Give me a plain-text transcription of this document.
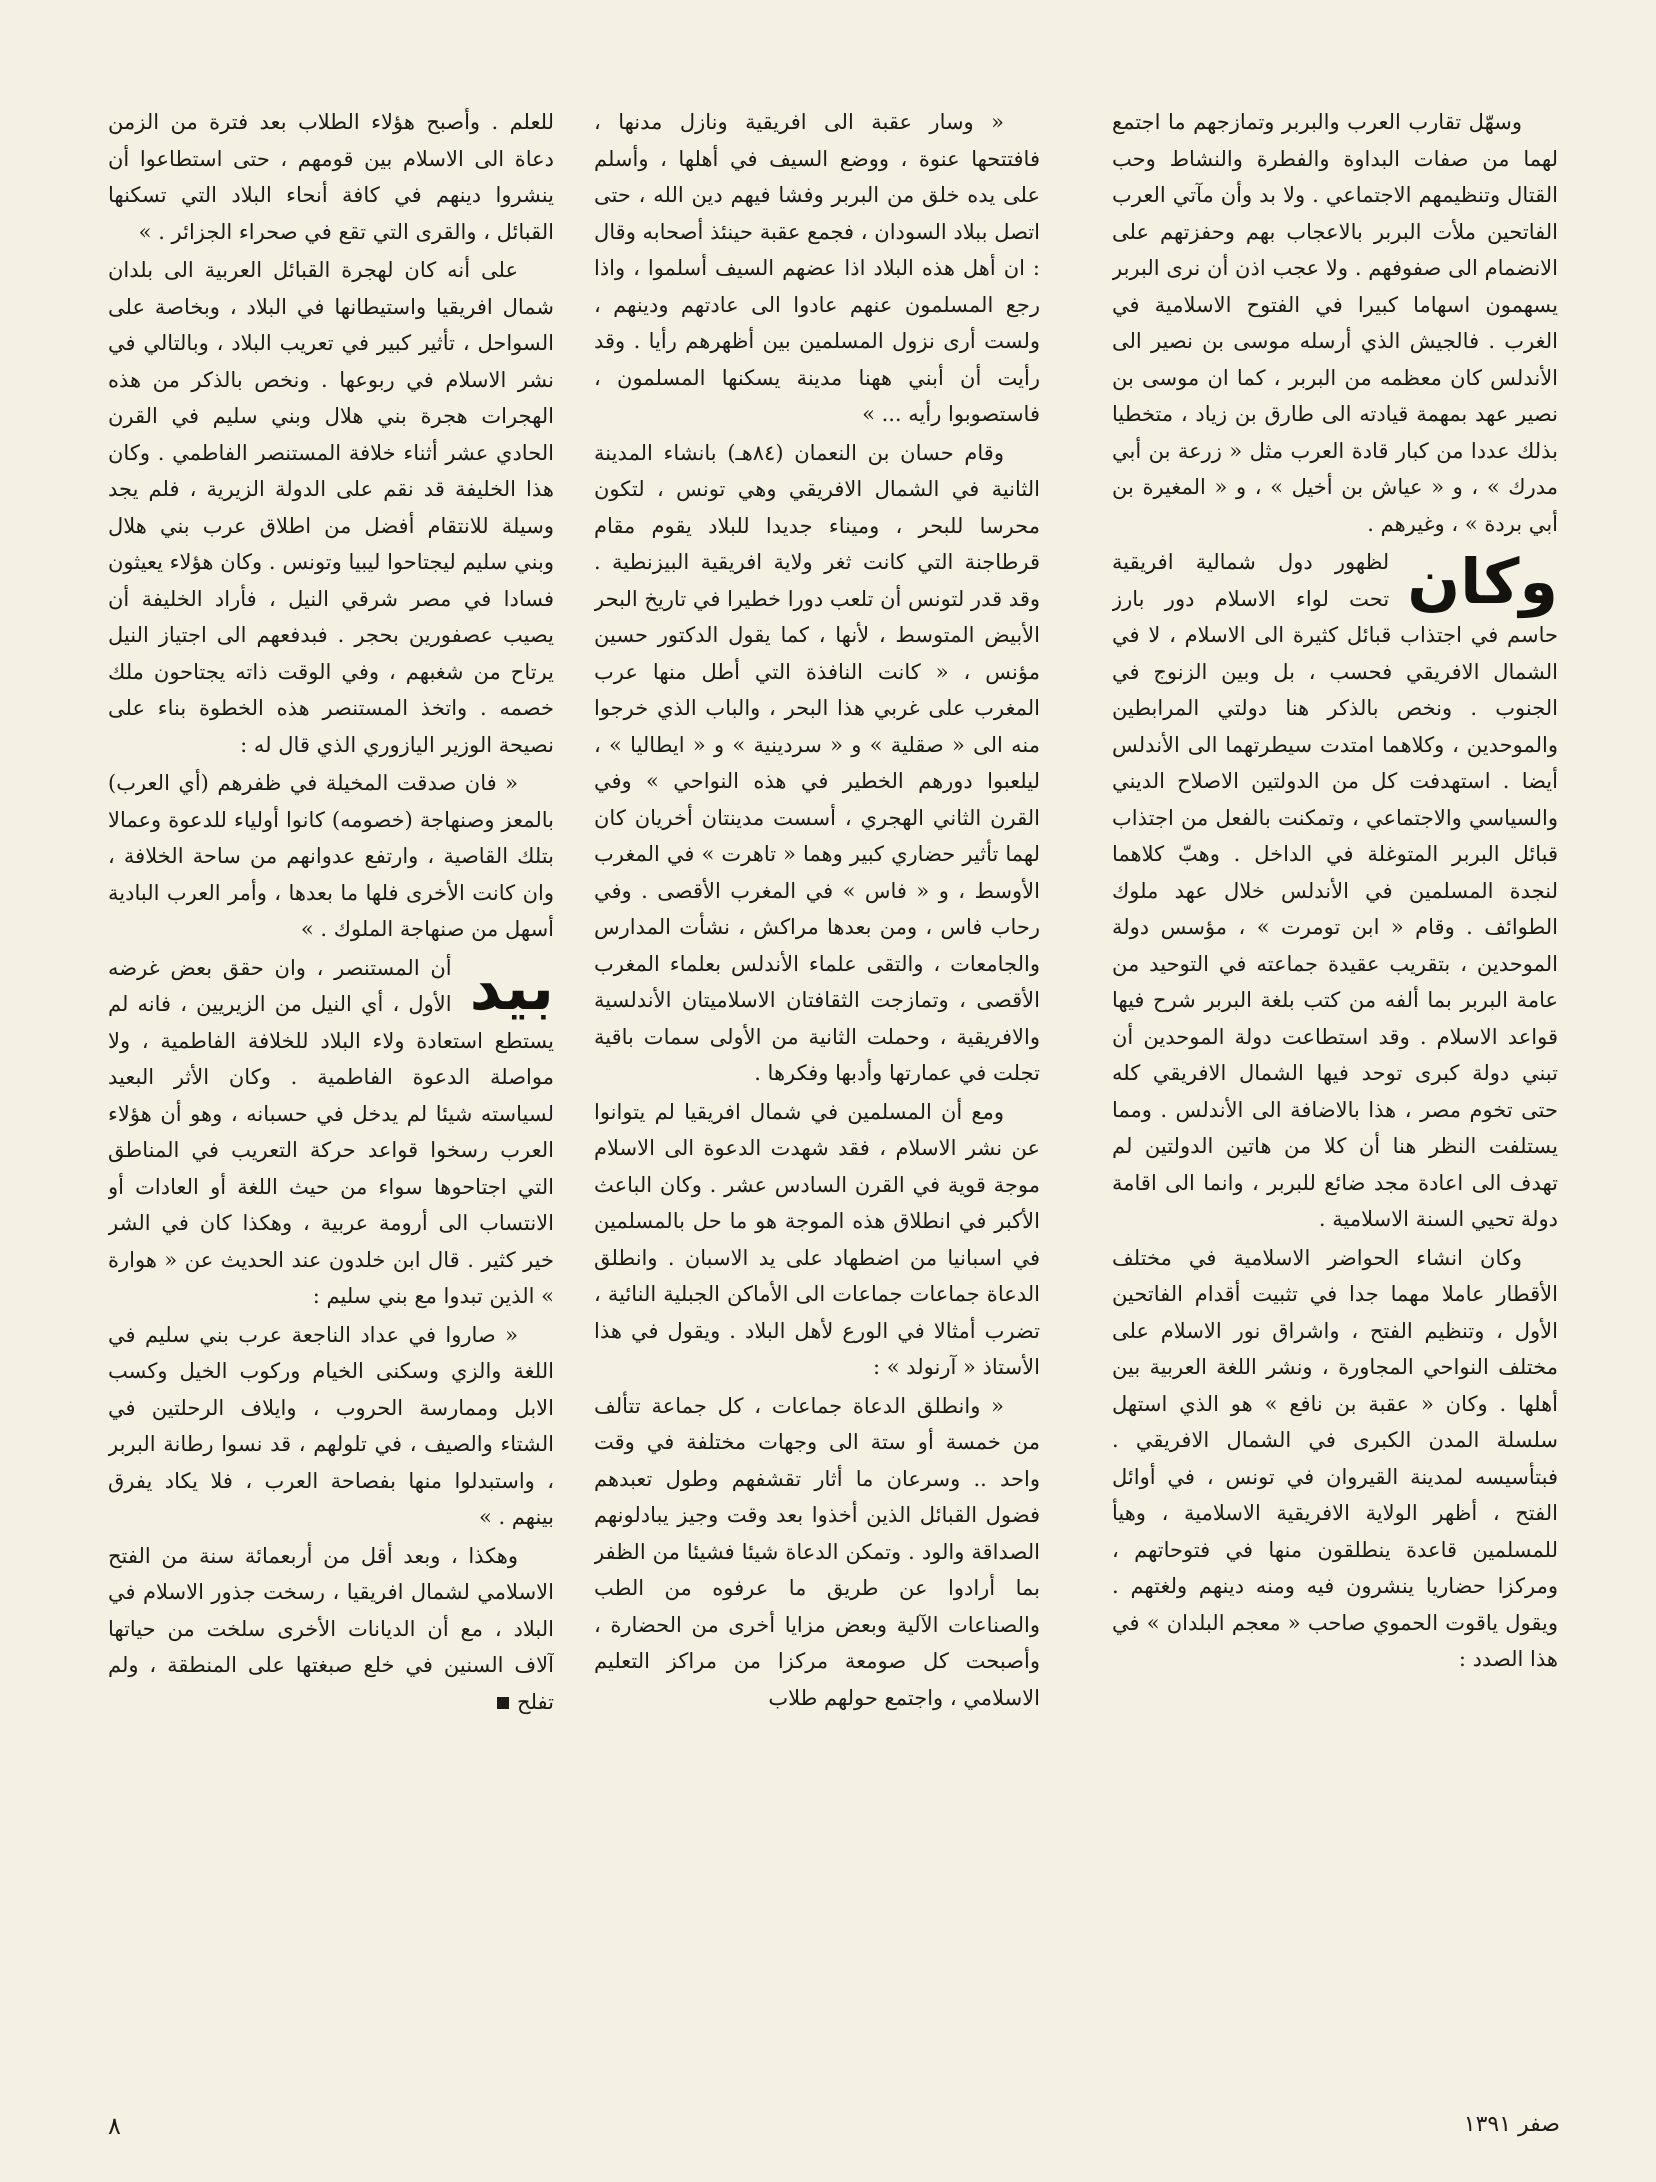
وسهّل تقارب العرب والبربر وتمازجهم ما اجتمع لهما من صفات البداوة والفطرة والنشاط وحب القتال وتنظيمهم الاجتماعي . ولا بد وأن مآتي العرب الفاتحين ملأت البربر بالاعجاب بهم وحفزتهم على الانضمام الى صفوفهم . ولا عجب اذن أن نرى البربر يسهمون اسهاما كبيرا في الفتوح الاسلامية في الغرب . فالجيش الذي أرسله موسى بن نصير الى الأندلس كان معظمه من البربر ، كما ان موسى بن نصير عهد بمهمة قيادته الى طارق بن زياد ، متخطيا بذلك عددا من كبار قادة العرب مثل « زرعة بن أبي مدرك » ، و « عياش بن أخيل » ، و « المغيرة بن أبي بردة » ، وغيرهم .

وكان
لظهور دول شمالية افريقية تحت لواء الاسلام دور بارز حاسم في اجتذاب قبائل كثيرة الى الاسلام ، لا في الشمال الافريقي فحسب ، بل وبين الزنوج في الجنوب . ونخص بالذكر هنا دولتي المرابطين والموحدين ، وكلاهما امتدت سيطرتهما الى الأندلس أيضا . استهدفت كل من الدولتين الاصلاح الديني والسياسي والاجتماعي ، وتمكنت بالفعل من اجتذاب قبائل البربر المتوغلة في الداخل . وهبّ كلاهما لنجدة المسلمين في الأندلس خلال عهد ملوك الطوائف . وقام « ابن تومرت » ، مؤسس دولة الموحدين ، بتقريب عقيدة جماعته في التوحيد من عامة البربر بما ألفه من كتب بلغة البربر شرح فيها قواعد الاسلام . وقد استطاعت دولة الموحدين أن تبني دولة كبرى توحد فيها الشمال الافريقي كله حتى تخوم مصر ، هذا بالاضافة الى الأندلس . ومما يستلفت النظر هنا أن كلا من هاتين الدولتين لم تهدف الى اعادة مجد ضائع للبربر ، وانما الى اقامة دولة تحيي السنة الاسلامية .

وكان انشاء الحواضر الاسلامية في مختلف الأقطار عاملا مهما جدا في تثبيت أقدام الفاتحين الأول ، وتنظيم الفتح ، واشراق نور الاسلام على مختلف النواحي المجاورة ، ونشر اللغة العربية بين أهلها . وكان « عقبة بن نافع » هو الذي استهل سلسلة المدن الكبرى في الشمال الافريقي . فبتأسيسه لمدينة القيروان في تونس ، في أوائل الفتح ، أظهر الولاية الافريقية الاسلامية ، وهيأ للمسلمين قاعدة ينطلقون منها في فتوحاتهم ، ومركزا حضاريا ينشرون فيه ومنه دينهم ولغتهم . ويقول ياقوت الحموي صاحب « معجم البلدان » في هذا الصدد :

« وسار عقبة الى افريقية ونازل مدنها ، فافتتحها عنوة ، ووضع السيف في أهلها ، وأسلم على يده خلق من البربر وفشا فيهم دين الله ، حتى اتصل ببلاد السودان ، فجمع عقبة حينئذ أصحابه وقال : ان أهل هذه البلاد اذا عضهم السيف أسلموا ، واذا رجع المسلمون عنهم عادوا الى عادتهم ودينهم ، ولست أرى نزول المسلمين بين أظهرهم رأيا . وقد رأيت أن أبني ههنا مدينة يسكنها المسلمون ، فاستصوبوا رأيه ... »

وقام حسان بن النعمان (٨٤هـ) بانشاء المدينة الثانية في الشمال الافريقي وهي تونس ، لتكون محرسا للبحر ، وميناء جديدا للبلاد يقوم مقام قرطاجنة التي كانت ثغر ولاية افريقية البيزنطية . وقد قدر لتونس أن تلعب دورا خطيرا في تاريخ البحر الأبيض المتوسط ، لأنها ، كما يقول الدكتور حسين مؤنس ، « كانت النافذة التي أطل منها عرب المغرب على غربي هذا البحر ، والباب الذي خرجوا منه الى « صقلية » و « سردينية » و « ايطاليا » ، ليلعبوا دورهم الخطير في هذه النواحي » وفي القرن الثاني الهجري ، أسست مدينتان أخريان كان لهما تأثير حضاري كبير وهما « تاهرت » في المغرب الأوسط ، و « فاس » في المغرب الأقصى . وفي رحاب فاس ، ومن بعدها مراكش ، نشأت المدارس والجامعات ، والتقى علماء الأندلس بعلماء المغرب الأقصى ، وتمازجت الثقافتان الاسلاميتان الأندلسية والافريقية ، وحملت الثانية من الأولى سمات باقية تجلت في عمارتها وأدبها وفكرها .

ومع أن المسلمين في شمال افريقيا لم يتوانوا عن نشر الاسلام ، فقد شهدت الدعوة الى الاسلام موجة قوية في القرن السادس عشر . وكان الباعث الأكبر في انطلاق هذه الموجة هو ما حل بالمسلمين في اسبانيا من اضطهاد على يد الاسبان . وانطلق الدعاة جماعات جماعات الى الأماكن الجبلية النائية ، تضرب أمثالا في الورع لأهل البلاد . ويقول في هذا الأستاذ « آرنولد » :

« وانطلق الدعاة جماعات ، كل جماعة تتألف من خمسة أو ستة الى وجهات مختلفة في وقت واحد .. وسرعان ما أثار تقشفهم وطول تعبدهم فضول القبائل الذين أخذوا بعد وقت وجيز يبادلونهم الصداقة والود . وتمكن الدعاة شيئا فشيئا من الظفر بما أرادوا عن طريق ما عرفوه من الطب والصناعات الآلية وبعض مزايا أخرى من الحضارة ، وأصبحت كل صومعة مركزا من مراكز التعليم الاسلامي ، واجتمع حولهم طلاب

للعلم . وأصبح هؤلاء الطلاب بعد فترة من الزمن دعاة الى الاسلام بين قومهم ، حتى استطاعوا أن ينشروا دينهم في كافة أنحاء البلاد التي تسكنها القبائل ، والقرى التي تقع في صحراء الجزائر . »

على أنه كان لهجرة القبائل العربية الى بلدان شمال افريقيا واستيطانها في البلاد ، وبخاصة على السواحل ، تأثير كبير في تعريب البلاد ، وبالتالي في نشر الاسلام في ربوعها . ونخص بالذكر من هذه الهجرات هجرة بني هلال وبني سليم في القرن الحادي عشر أثناء خلافة المستنصر الفاطمي . وكان هذا الخليفة قد نقم على الدولة الزيرية ، فلم يجد وسيلة للانتقام أفضل من اطلاق عرب بني هلال وبني سليم ليجتاحوا ليبيا وتونس . وكان هؤلاء يعيثون فسادا في مصر شرقي النيل ، فأراد الخليفة أن يصيب عصفورين بحجر . فبدفعهم الى اجتياز النيل يرتاح من شغبهم ، وفي الوقت ذاته يجتاحون ملك خصمه . واتخذ المستنصر هذه الخطوة بناء على نصيحة الوزير اليازوري الذي قال له :

« فان صدقت المخيلة في ظفرهم (أي العرب) بالمعز وصنهاجة (خصومه) كانوا أولياء للدعوة وعمالا بتلك القاصية ، وارتفع عدوانهم من ساحة الخلافة ، وان كانت الأخرى فلها ما بعدها ، وأمر العرب البادية أسهل من صنهاجة الملوك . »

بيد
أن المستنصر ، وان حقق بعض غرضه الأول ، أي النيل من الزيريين ، فانه لم يستطع استعادة ولاء البلاد للخلافة الفاطمية ، ولا مواصلة الدعوة الفاطمية . وكان الأثر البعيد لسياسته شيئا لم يدخل في حسبانه ، وهو أن هؤلاء العرب رسخوا قواعد حركة التعريب في المناطق التي اجتاحوها سواء من حيث اللغة أو العادات أو الانتساب الى أرومة عربية ، وهكذا كان في الشر خير كثير . قال ابن خلدون عند الحديث عن « هوارة » الذين تبدوا مع بني سليم :

« صاروا في عداد الناجعة عرب بني سليم في اللغة والزي وسكنى الخيام وركوب الخيل وكسب الابل وممارسة الحروب ، وايلاف الرحلتين في الشتاء والصيف ، في تلولهم ، قد نسوا رطانة البربر ، واستبدلوا منها بفصاحة العرب ، فلا يكاد يفرق بينهم . »

وهكذا ، وبعد أقل من أربعمائة سنة من الفتح الاسلامي لشمال افريقيا ، رسخت جذور الاسلام في البلاد ، مع أن الديانات الأخرى سلخت من حياتها آلاف السنين في خلع صبغتها على المنطقة ، ولم تفلح

٨	صفر ١٣٩١
